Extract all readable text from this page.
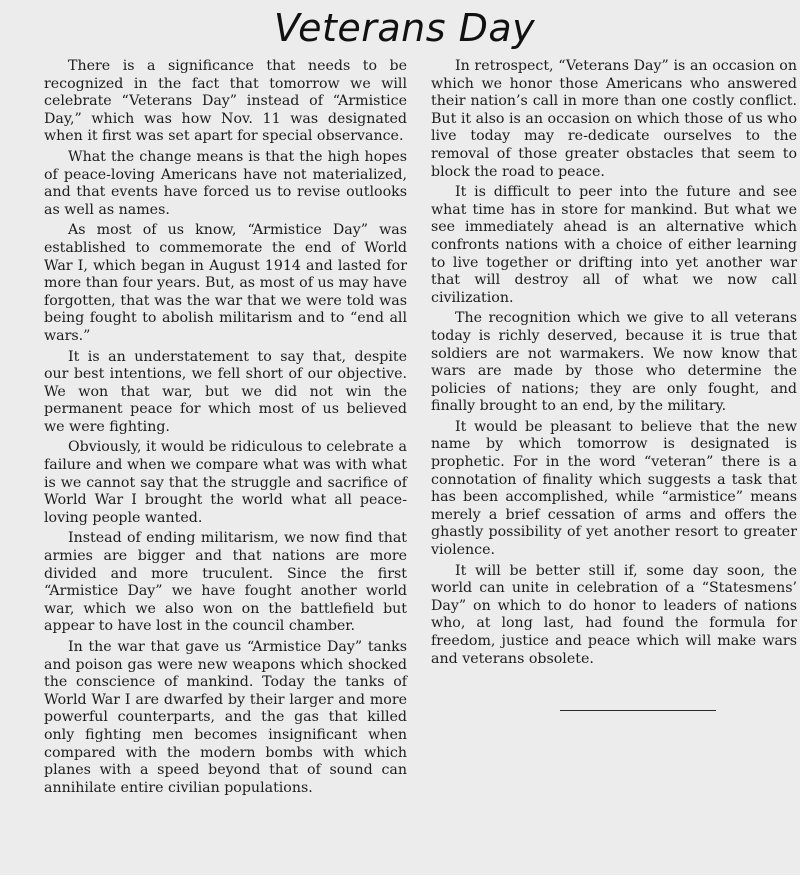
Veterans Day

There is a significance that needs to be recognized in the fact that tomorrow we will celebrate “Veterans Day” instead of “Armistice Day,” which was how Nov. 11 was designated when it first was set apart for special observance.

What the change means is that the high hopes of peace-loving Americans have not materialized, and that events have forced us to revise outlooks as well as names.

As most of us know, “Armistice Day” was established to commemorate the end of World War I, which began in August 1914 and lasted for more than four years. But, as most of us may have forgotten, that was the war that we were told was being fought to abolish militarism and to “end all wars.”

It is an understatement to say that, despite our best intentions, we fell short of our objective. We won that war, but we did not win the permanent peace for which most of us believed we were fighting.

Obviously, it would be ridiculous to celebrate a failure and when we compare what was with what is we cannot say that the struggle and sacrifice of World War I brought the world what all peace-loving people wanted.

Instead of ending militarism, we now find that armies are bigger and that nations are more divided and more truculent. Since the first “Armistice Day” we have fought another world war, which we also won on the battlefield but appear to have lost in the council chamber.

In the war that gave us “Armistice Day” tanks and poison gas were new weapons which shocked the conscience of mankind. Today the tanks of World War I are dwarfed by their larger and more powerful counterparts, and the gas that killed only fighting men becomes insignificant when compared with the modern bombs with which planes with a speed beyond that of sound can annihilate entire civilian populations.

In retrospect, “Veterans Day” is an occasion on which we honor those Americans who answered their nation’s call in more than one costly conflict. But it also is an occasion on which those of us who live today may re-dedicate ourselves to the removal of those greater obstacles that seem to block the road to peace.

It is difficult to peer into the future and see what time has in store for mankind. But what we see immediately ahead is an alternative which confronts nations with a choice of either learning to live together or drifting into yet another war that will destroy all of what we now call civilization.

The recognition which we give to all veterans today is richly deserved, because it is true that soldiers are not warmakers. We now know that wars are made by those who determine the policies of nations; they are only fought, and finally brought to an end, by the military.

It would be pleasant to believe that the new name by which tomorrow is designated is prophetic. For in the word “veteran” there is a connotation of finality which suggests a task that has been accomplished, while “armistice” means merely a brief cessation of arms and offers the ghastly possibility of yet another resort to greater violence.

It will be better still if, some day soon, the world can unite in celebration of a “Statesmens’ Day” on which to do honor to leaders of nations who, at long last, had found the formula for freedom, justice and peace which will make wars and veterans obsolete.
